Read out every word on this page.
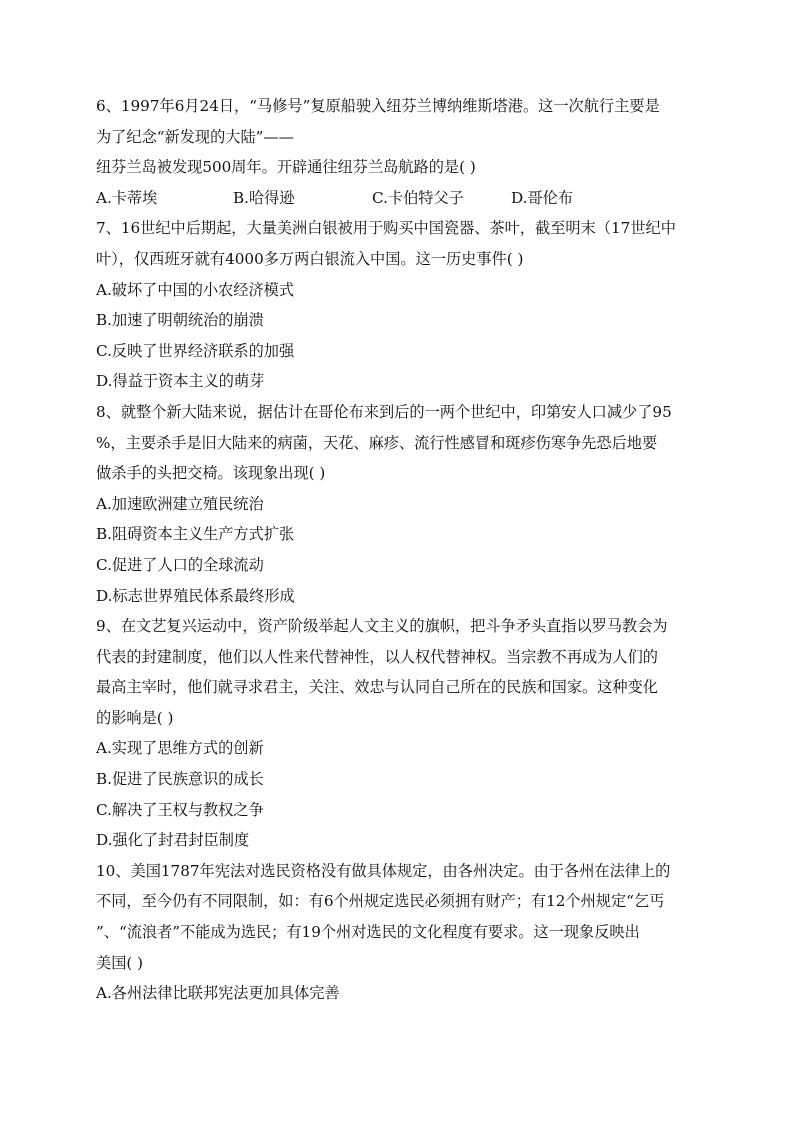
6、1997年6月24日，“马修号”复原船驶入纽芬兰博纳维斯塔港。这一次航行主要是
为了纪念“新发现的大陆”——
纽芬兰岛被发现500周年。开辟通往纽芬兰岛航路的是( )
A.卡蒂埃	B.哈得逊	C.卡伯特父子	D.哥伦布
7、16世纪中后期起，大量美洲白银被用于购买中国瓷器、茶叶，截至明末（17世纪中
叶），仅西班牙就有4000多万两白银流入中国。这一历史事件( )
A.破坏了中国的小农经济模式
B.加速了明朝统治的崩溃
C.反映了世界经济联系的加强
D.得益于资本主义的萌芽
8、就整个新大陆来说，据估计在哥伦布来到后的一两个世纪中，印第安人口减少了95
%，主要杀手是旧大陆来的病菌，天花、麻疹、流行性感冒和斑疹伤寒争先恐后地要
做杀手的头把交椅。该现象出现( )
A.加速欧洲建立殖民统治
B.阻碍资本主义生产方式扩张
C.促进了人口的全球流动
D.标志世界殖民体系最终形成
9、在文艺复兴运动中，资产阶级举起人文主义的旗帜，把斗争矛头直指以罗马教会为
代表的封建制度，他们以人性来代替神性，以人权代替神权。当宗教不再成为人们的
最高主宰时，他们就寻求君主，关注、效忠与认同自己所在的民族和国家。这种变化
的影响是( )
A.实现了思维方式的创新
B.促进了民族意识的成长
C.解决了王权与教权之争
D.强化了封君封臣制度
10、美国1787年宪法对选民资格没有做具体规定，由各州决定。由于各州在法律上的
不同，至今仍有不同限制，如：有6个州规定选民必须拥有财产；有12个州规定“乞丐
”、“流浪者”不能成为选民；有19个州对选民的文化程度有要求。这一现象反映出
美国( )
A.各州法律比联邦宪法更加具体完善
